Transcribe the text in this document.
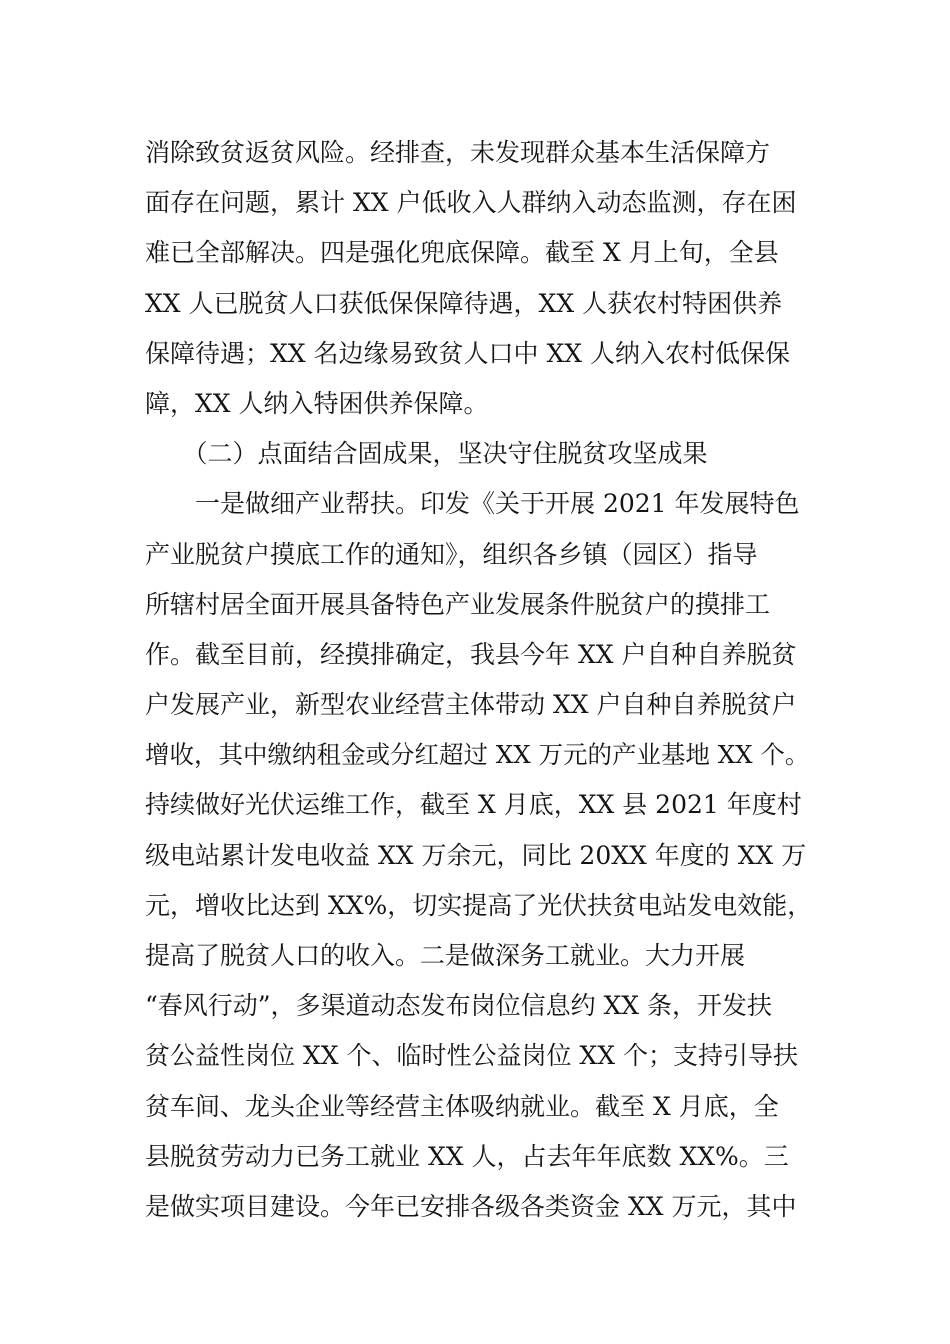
消除致贫返贫风险。经排查，未发现群众基本生活保障方
面存在问题，累计 XX 户低收入人群纳入动态监测，存在困
难已全部解决。四是强化兜底保障。截至 X 月上旬，全县
XX 人已脱贫人口获低保保障待遇，XX 人获农村特困供养
保障待遇；XX 名边缘易致贫人口中 XX 人纳入农村低保保
障，XX 人纳入特困供养保障。
　　（二）点面结合固成果，坚决守住脱贫攻坚成果
　　一是做细产业帮扶。印发《关于开展 2021 年发展特色
产业脱贫户摸底工作的通知》，组织各乡镇（园区）指导
所辖村居全面开展具备特色产业发展条件脱贫户的摸排工
作。截至目前，经摸排确定，我县今年 XX 户自种自养脱贫
户发展产业，新型农业经营主体带动 XX 户自种自养脱贫户
增收，其中缴纳租金或分红超过 XX 万元的产业基地 XX 个。
持续做好光伏运维工作，截至 X 月底，XX 县 2021 年度村
级电站累计发电收益 XX 万余元，同比 20XX 年度的 XX 万
元，增收比达到 XX%，切实提高了光伏扶贫电站发电效能，
提高了脱贫人口的收入。二是做深务工就业。大力开展
“春风行动”，多渠道动态发布岗位信息约 XX 条，开发扶
贫公益性岗位 XX 个、临时性公益岗位 XX 个；支持引导扶
贫车间、龙头企业等经营主体吸纳就业。截至 X 月底，全
县脱贫劳动力已务工就业 XX 人，占去年年底数 XX%。三
是做实项目建设。今年已安排各级各类资金 XX 万元，其中
